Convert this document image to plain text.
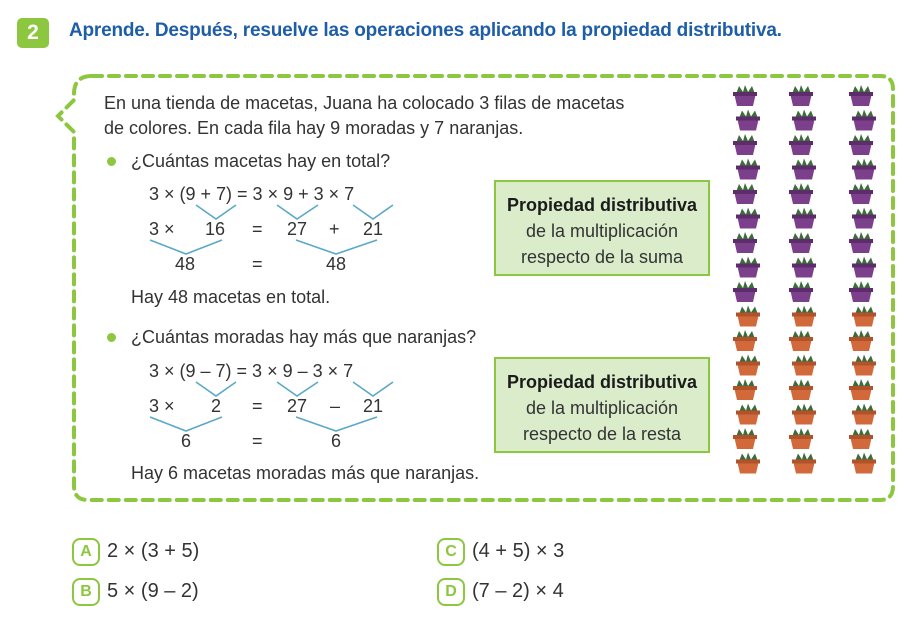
2	Aprende. Después, resuelve las operaciones aplicando la propiedad distributiva.
En una tienda de macetas, Juana ha colocado 3 filas de macetas
de colores. En cada fila hay 9 moradas y 7 naranjas.
¿Cuántas macetas hay en total?
3 × (9 + 7) = 3 × 9 + 3 × 7
3 × 16 = 27 + 21
48	=	48
Hay 48 macetas en total.
Propiedad distributiva
de la multiplicación
respecto de la suma
¿Cuántas moradas hay más que naranjas?
3 × (9 – 7) = 3 × 9 – 3 × 7
3 × 2 = 27 – 21
6	=	6
Hay 6 macetas moradas más que naranjas.
Propiedad distributiva
de la multiplicación
respecto de la resta
A 2 × (3 + 5)
B 5 × (9 – 2)
C (4 + 5) × 3
D (7 – 2) × 4
